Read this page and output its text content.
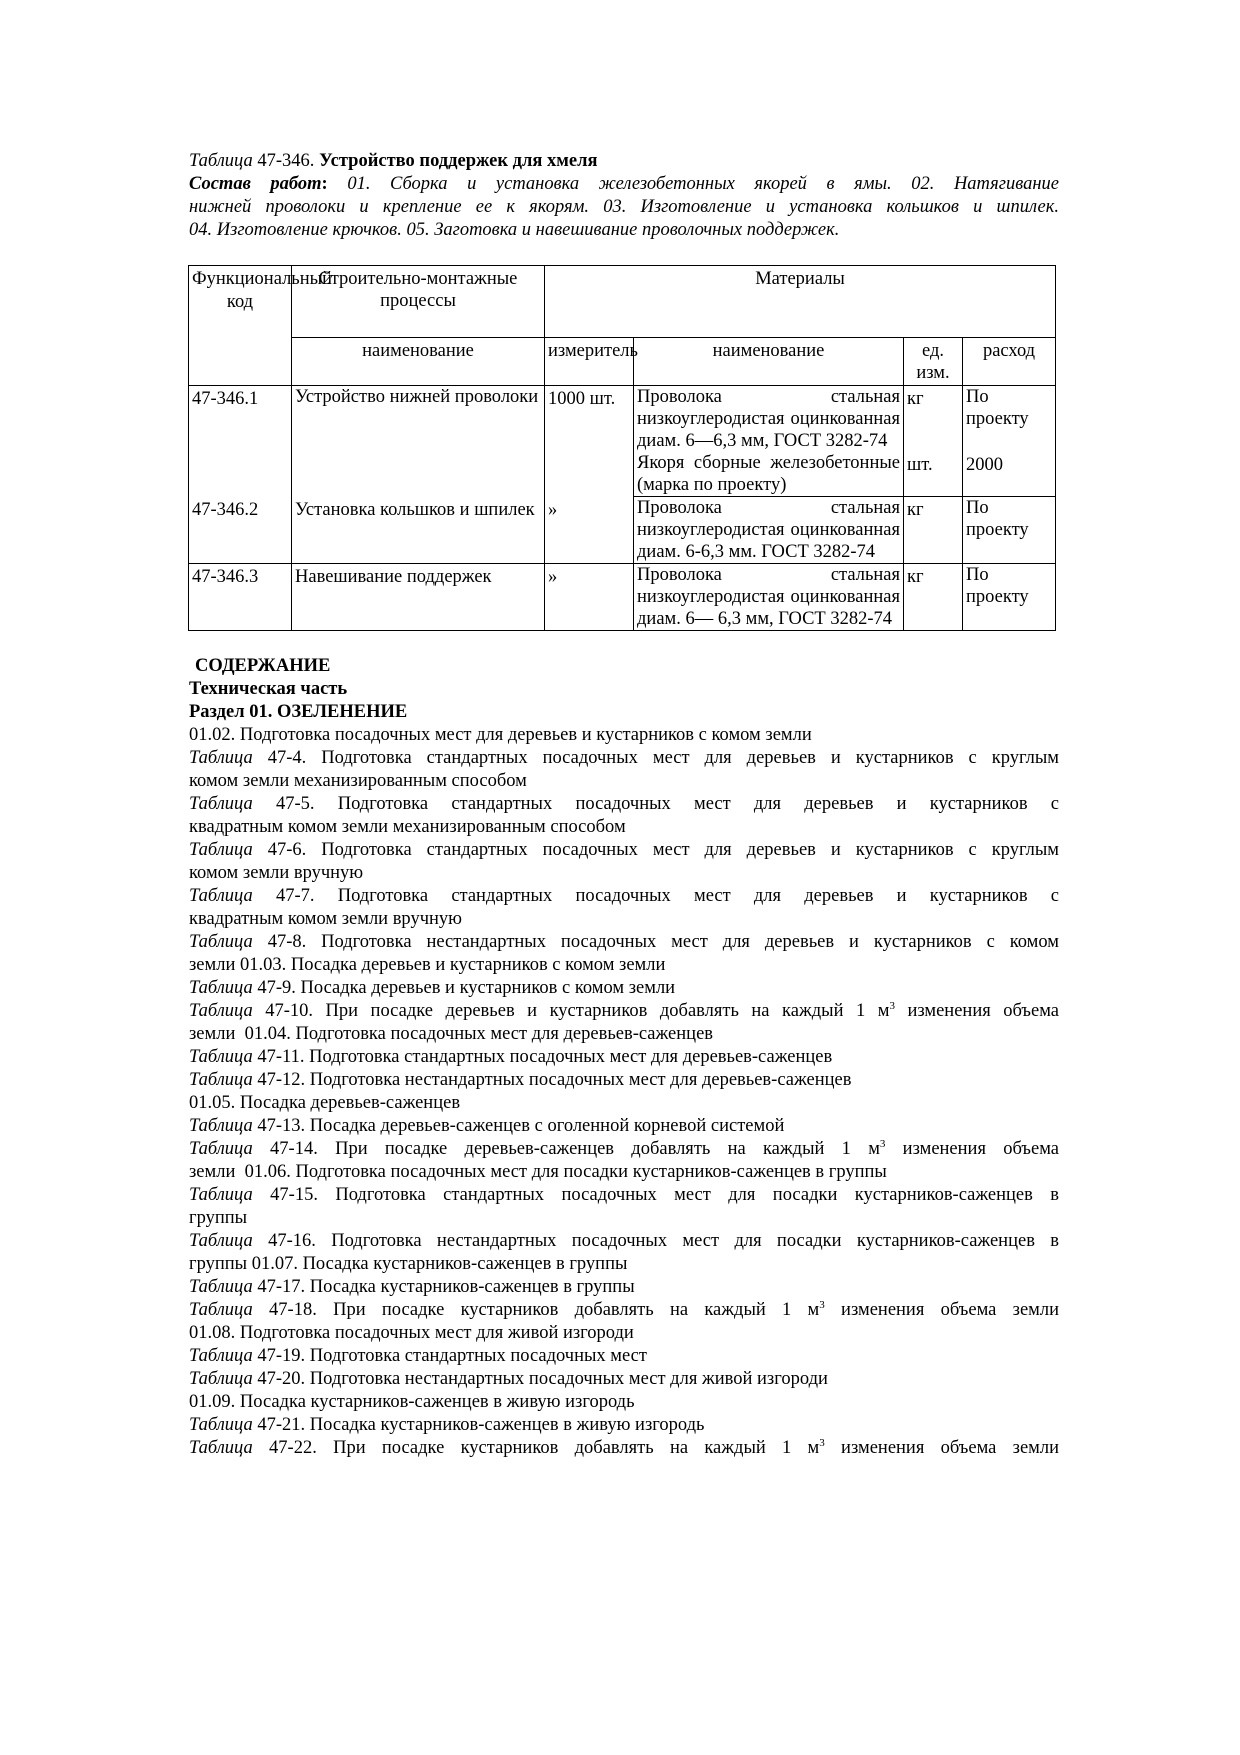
Таблица 47-346. Устройство поддержек для хмеля
Состав работ: 01. Сборка и установка железобетонных якорей в ямы. 02. Натягивание
нижней проволоки и крепление ее к якорям. 03. Изготовление и установка кольшков и шпилек.
04. Изготовление крючков. 05. Заготовка и навешивание проволочных поддержек.
Функциональный код	Строительно-монтажные процессы	Материалы			
	наименование	измеритель	наименование	ед. изм.	расход
47-346.1	Устройство нижней проволоки	1000 шт.	Проволока стальная низкоуглеродистая оцинкованная диам. 6—6,3 мм, ГОСТ 3282-74	кг	По проекту
			Якоря сборные железобетонные (марка по проекту)	шт.	2000
47-346.2	Установка кольшков и шпилек	»	Проволока стальная низкоуглеродистая оцинкованная диам. 6-6,3 мм. ГОСТ 3282-74	кг	По проекту
47-346.3	Навешивание поддержек	»	Проволока стальная низкоуглеродистая оцинкованная диам. 6— 6,3 мм, ГОСТ 3282-74	кг	По проекту
СОДЕРЖАНИЕ
Техническая часть
Раздел 01. ОЗЕЛЕНЕНИЕ
01.02. Подготовка посадочных мест для деревьев и кустарников с комом земли
Таблица 47-4. Подготовка стандартных посадочных мест для деревьев и кустарников с круглым
комом земли механизированным способом
Таблица 47-5. Подготовка стандартных посадочных мест для деревьев и кустарников с
квадратным комом земли механизированным способом
Таблица 47-6. Подготовка стандартных посадочных мест для деревьев и кустарников с круглым
комом земли вручную
Таблица 47-7. Подготовка стандартных посадочных мест для деревьев и кустарников с
квадратным комом земли вручную
Таблица 47-8. Подготовка нестандартных посадочных мест для деревьев и кустарников с комом
земли 01.03. Посадка деревьев и кустарников с комом земли
Таблица 47-9. Посадка деревьев и кустарников с комом земли
Таблица 47-10. При посадке деревьев и кустарников добавлять на каждый 1 $м^3$ изменения объема
земли  01.04. Подготовка посадочных мест для деревьев-саженцев
Таблица 47-11. Подготовка стандартных посадочных мест для деревьев-саженцев
Таблица 47-12. Подготовка нестандартных посадочных мест для деревьев-саженцев
01.05. Посадка деревьев-саженцев
Таблица 47-13. Посадка деревьев-саженцев с оголенной корневой системой
Таблица 47-14. При посадке деревьев-саженцев добавлять на каждый 1 $м^3$ изменения объема
земли  01.06. Подготовка посадочных мест для посадки кустарников-саженцев в группы
Таблица 47-15. Подготовка стандартных посадочных мест для посадки кустарников-саженцев в
группы
Таблица 47-16. Подготовка нестандартных посадочных мест для посадки кустарников-саженцев в
группы 01.07. Посадка кустарников-саженцев в группы
Таблица 47-17. Посадка кустарников-саженцев в группы
Таблица 47-18. При посадке кустарников добавлять на каждый 1 $м^3$ изменения объема земли
01.08. Подготовка посадочных мест для живой изгороди
Таблица 47-19. Подготовка стандартных посадочных мест
Таблица 47-20. Подготовка нестандартных посадочных мест для живой изгороди
01.09. Посадка кустарников-саженцев в живую изгородь
Таблица 47-21. Посадка кустарников-саженцев в живую изгородь
Таблица 47-22. При посадке кустарников добавлять на каждый 1 $м^3$ изменения объема земли
